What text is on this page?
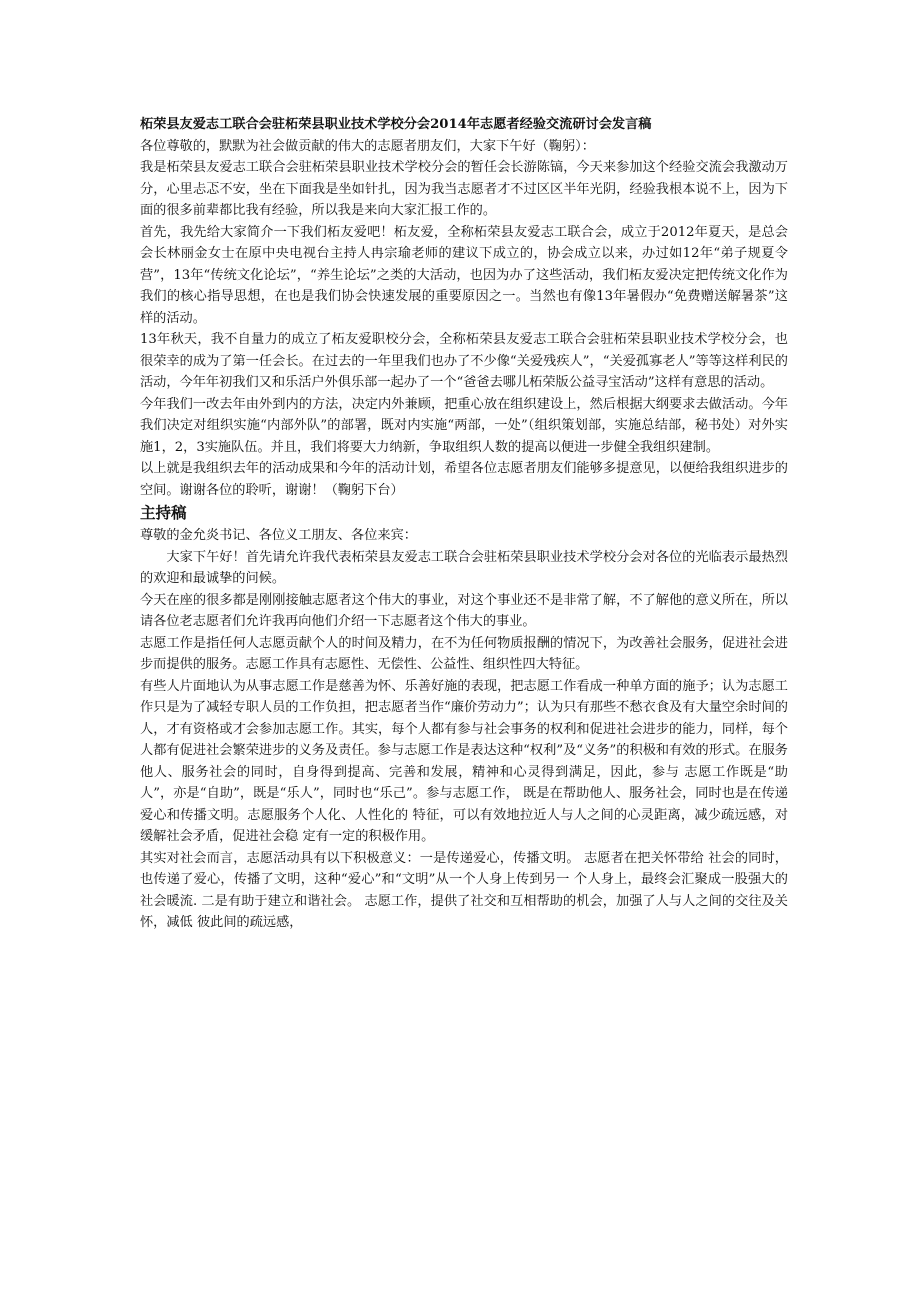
柘荣县友爱志工联合会驻柘荣县职业技术学校分会2014年志愿者经验交流研讨会发言稿

各位尊敬的，默默为社会做贡献的伟大的志愿者朋友们，大家下午好（鞠躬）：

我是柘荣县友爱志工联合会驻柘荣县职业技术学校分会的暂任会长游陈镐，今天来参加这个经验交流会我激动万分，心里忐忑不安，坐在下面我是坐如针扎，因为我当志愿者才不过区区半年光阴，经验我根本说不上，因为下面的很多前辈都比我有经验，所以我是来向大家汇报工作的。

首先，我先给大家简介一下我们柘友爱吧！柘友爱，全称柘荣县友爱志工联合会，成立于2012年夏天，是总会会长林丽金女士在原中央电视台主持人冉宗瑜老师的建议下成立的，协会成立以来，办过如12年“弟子规夏令营”，13年“传统文化论坛”，“养生论坛”之类的大活动，也因为办了这些活动，我们柘友爱决定把传统文化作为我们的核心指导思想，在也是我们协会快速发展的重要原因之一。当然也有像13年暑假办“免费赠送解暑茶”这样的活动。

13年秋天，我不自量力的成立了柘友爱职校分会，全称柘荣县友爱志工联合会驻柘荣县职业技术学校分会，也很荣幸的成为了第一任会长。在过去的一年里我们也办了不少像“关爱残疾人”，“关爱孤寡老人”等等这样利民的活动，今年年初我们又和乐活户外俱乐部一起办了一个“爸爸去哪儿柘荣版公益寻宝活动”这样有意思的活动。

今年我们一改去年由外到内的方法，决定内外兼顾，把重心放在组织建设上，然后根据大纲要求去做活动。今年我们决定对组织实施“内部外队”的部署，既对内实施“两部，一处”（组织策划部，实施总结部，秘书处）对外实施1，2，3实施队伍。并且，我们将要大力纳新，争取组织人数的提高以便进一步健全我组织建制。

以上就是我组织去年的活动成果和今年的活动计划，希望各位志愿者朋友们能够多提意见，以便给我组织进步的空间。谢谢各位的聆听，谢谢！（鞠躬下台）

主持稿

尊敬的金允炎书记、各位义工朋友、各位来宾：

大家下午好！首先请允许我代表柘荣县友爱志工联合会驻柘荣县职业技术学校分会对各位的光临表示最热烈的欢迎和最诚挚的问候。

今天在座的很多都是刚刚接触志愿者这个伟大的事业，对这个事业还不是非常了解，不了解他的意义所在，所以请各位老志愿者们允许我再向他们介绍一下志愿者这个伟大的事业。

志愿工作是指任何人志愿贡献个人的时间及精力，在不为任何物质报酬的情况下，为改善社会服务，促进社会进步而提供的服务。志愿工作具有志愿性、无偿性、公益性、组织性四大特征。

有些人片面地认为从事志愿工作是慈善为怀、乐善好施的表现，把志愿工作看成一种单方面的施予；认为志愿工作只是为了减轻专职人员的工作负担，把志愿者当作“廉价劳动力”；认为只有那些不愁衣食及有大量空余时间的人，才有资格或才会参加志愿工作。其实，每个人都有参与社会事务的权利和促进社会进步的能力，同样，每个人都有促进社会繁荣进步的义务及责任。参与志愿工作是表达这种“权利”及“义务”的积极和有效的形式。在服务 他人、服务社会的同时，自身得到提高、完善和发展，精神和心灵得到满足，因此，参与 志愿工作既是“助人”，亦是“自助”，既是“乐人”，同时也“乐己”。参与志愿工作， 既是在帮助他人、服务社会，同时也是在传递爱心和传播文明。志愿服务个人化、人性化的 特征，可以有效地拉近人与人之间的心灵距离，减少疏远感，对缓解社会矛盾，促进社会稳 定有一定的积极作用。

其实对社会而言，志愿活动具有以下积极意义：一是传递爱心，传播文明。 志愿者在把关怀带给 社会的同时，也传递了爱心，传播了文明，这种“爱心”和“文明”从一个人身上传到另一 个人身上，最终会汇聚成一股强大的社会暖流. 二是有助于建立和谐社会。 志愿工作，提供了社交和互相帮助的机会，加强了人与人之间的交往及关怀，减低 彼此间的疏远感，
